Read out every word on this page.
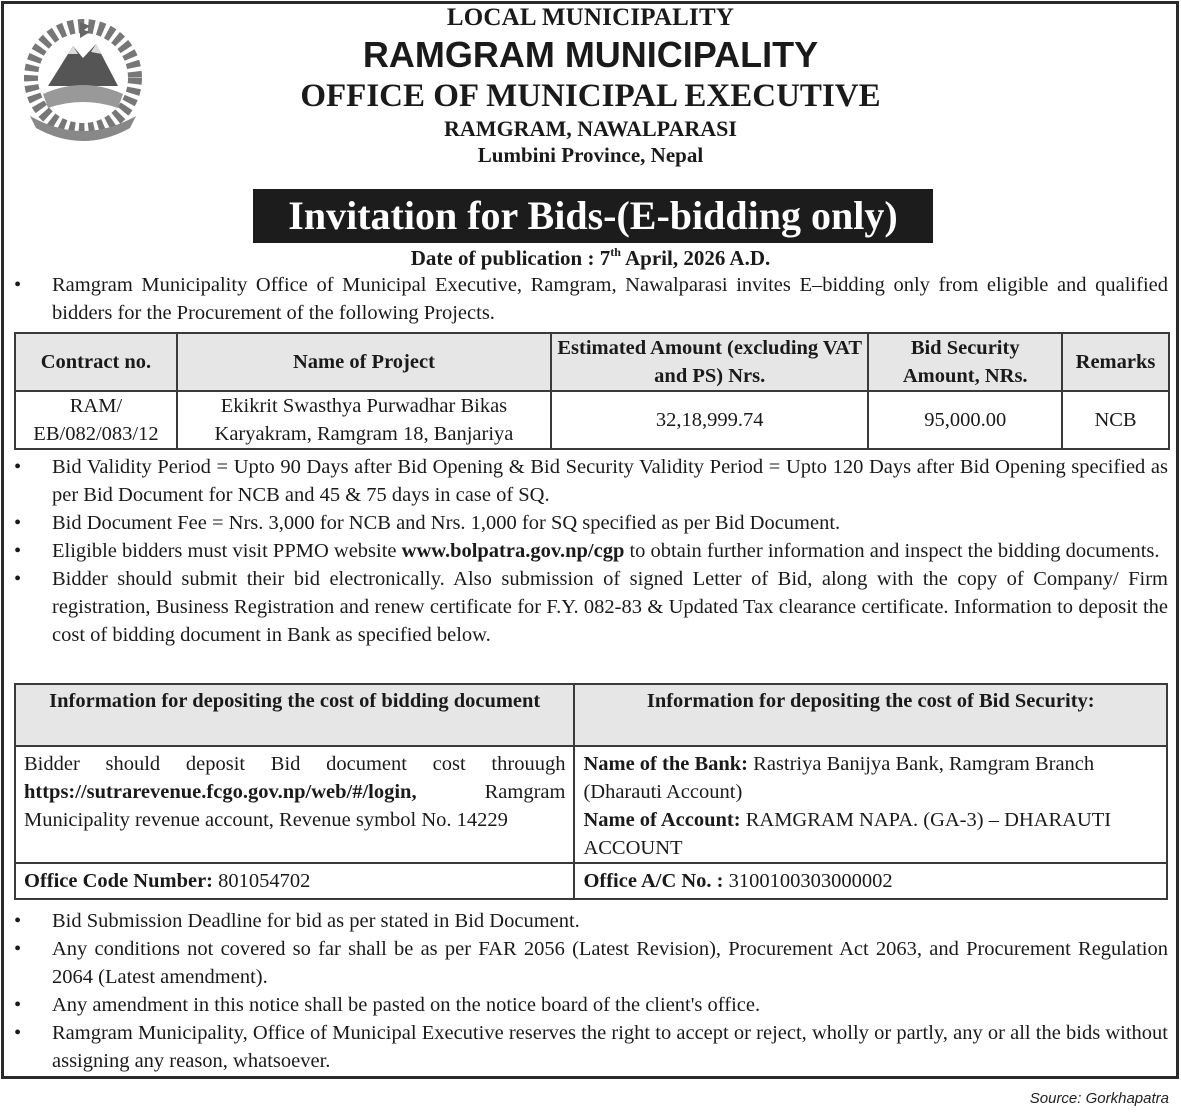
LOCAL MUNICIPALITY
RAMGRAM MUNICIPALITY
OFFICE OF MUNICIPAL EXECUTIVE
RAMGRAM, NAWALPARASI
Lumbini Province, Nepal
Invitation for Bids-(E-bidding only)
Date of publication : 7th April, 2026 A.D.
•	Ramgram Municipality Office of Municipal Executive, Ramgram, Nawalparasi invites E–bidding only from eligible and qualified bidders for the Procurement of the following Projects.
Contract no.	Name of Project	Estimated Amount (excluding VAT and PS) Nrs.	Bid Security Amount, NRs.	Remarks
RAM/ EB/082/083/12	Ekikrit Swasthya Purwadhar Bikas Karyakram, Ramgram 18, Banjariya	32,18,999.74	95,000.00	NCB
•	Bid Validity Period = Upto 90 Days after Bid Opening & Bid Security Validity Period = Upto 120 Days after Bid Opening specified as per Bid Document for NCB and 45 & 75 days in case of SQ.
•	Bid Document Fee = Nrs. 3,000 for NCB and Nrs. 1,000 for SQ specified as per Bid Document.
•	Eligible bidders must visit PPMO website www.bolpatra.gov.np/cgp to obtain further information and inspect the bidding documents.
•	Bidder should submit their bid electronically. Also submission of signed Letter of Bid, along with the copy of Company/ Firm registration, Business Registration and renew certificate for F.Y. 082-83 & Updated Tax clearance certificate. Information to deposit the cost of bidding document in Bank as specified below.
Information for depositing the cost of bidding document	Information for depositing the cost of Bid Security:
Bidder should deposit Bid document cost throuugh https://sutrarevenue.fcgo.gov.np/web/#/login, Ramgram Municipality revenue account, Revenue symbol No. 14229	Name of the Bank: Rastriya Banijya Bank, Ramgram Branch (Dharauti Account)
Name of Account: RAMGRAM NAPA. (GA-3) – DHARAUTI ACCOUNT
Office Code Number: 801054702	Office A/C No. : 3100100303000002
•	Bid Submission Deadline for bid as per stated in Bid Document.
•	Any conditions not covered so far shall be as per FAR 2056 (Latest Revision), Procurement Act 2063, and Procurement Regulation 2064 (Latest amendment).
•	Any amendment in this notice shall be pasted on the notice board of the client's office.
•	Ramgram Municipality, Office of Municipal Executive reserves the right to accept or reject, wholly or partly, any or all the bids without assigning any reason, whatsoever.
Source: Gorkhapatra
